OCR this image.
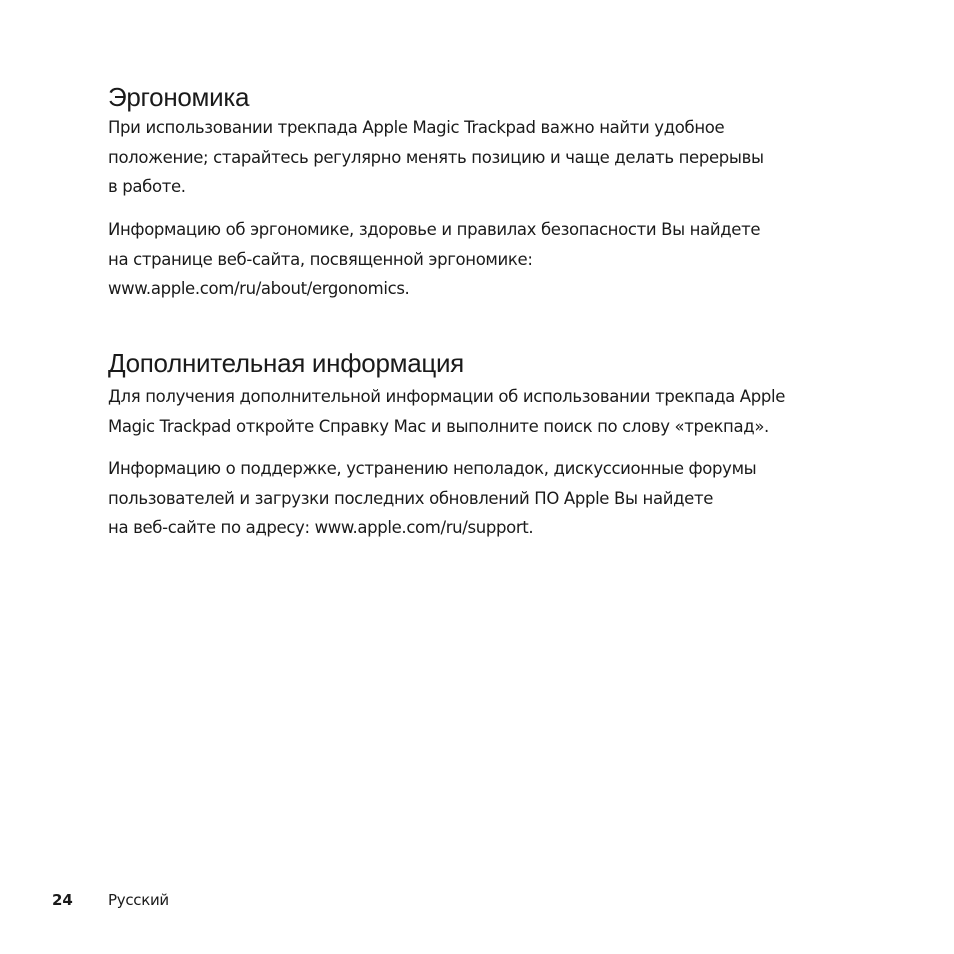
Эргономика

При использовании трекпада Apple Magic Trackpad важно найти удобное
положение; старайтесь регулярно менять позицию и чаще делать перерывы
в работе.

Информацию об эргономике, здоровье и правилах безопасности Вы найдете
на странице веб-сайта, посвященной эргономике:
www.apple.com/ru/about/ergonomics.

Дополнительная информация

Для получения дополнительной информации об использовании трекпада Apple
Magic Trackpad откройте Справку Mac и выполните поиск по слову «трекпад».

Информацию о поддержке, устранению неполадок, дискуссионные форумы
пользователей и загрузки последних обновлений ПО Apple Вы найдете
на веб-сайте по адресу: www.apple.com/ru/support.

24 Русский
